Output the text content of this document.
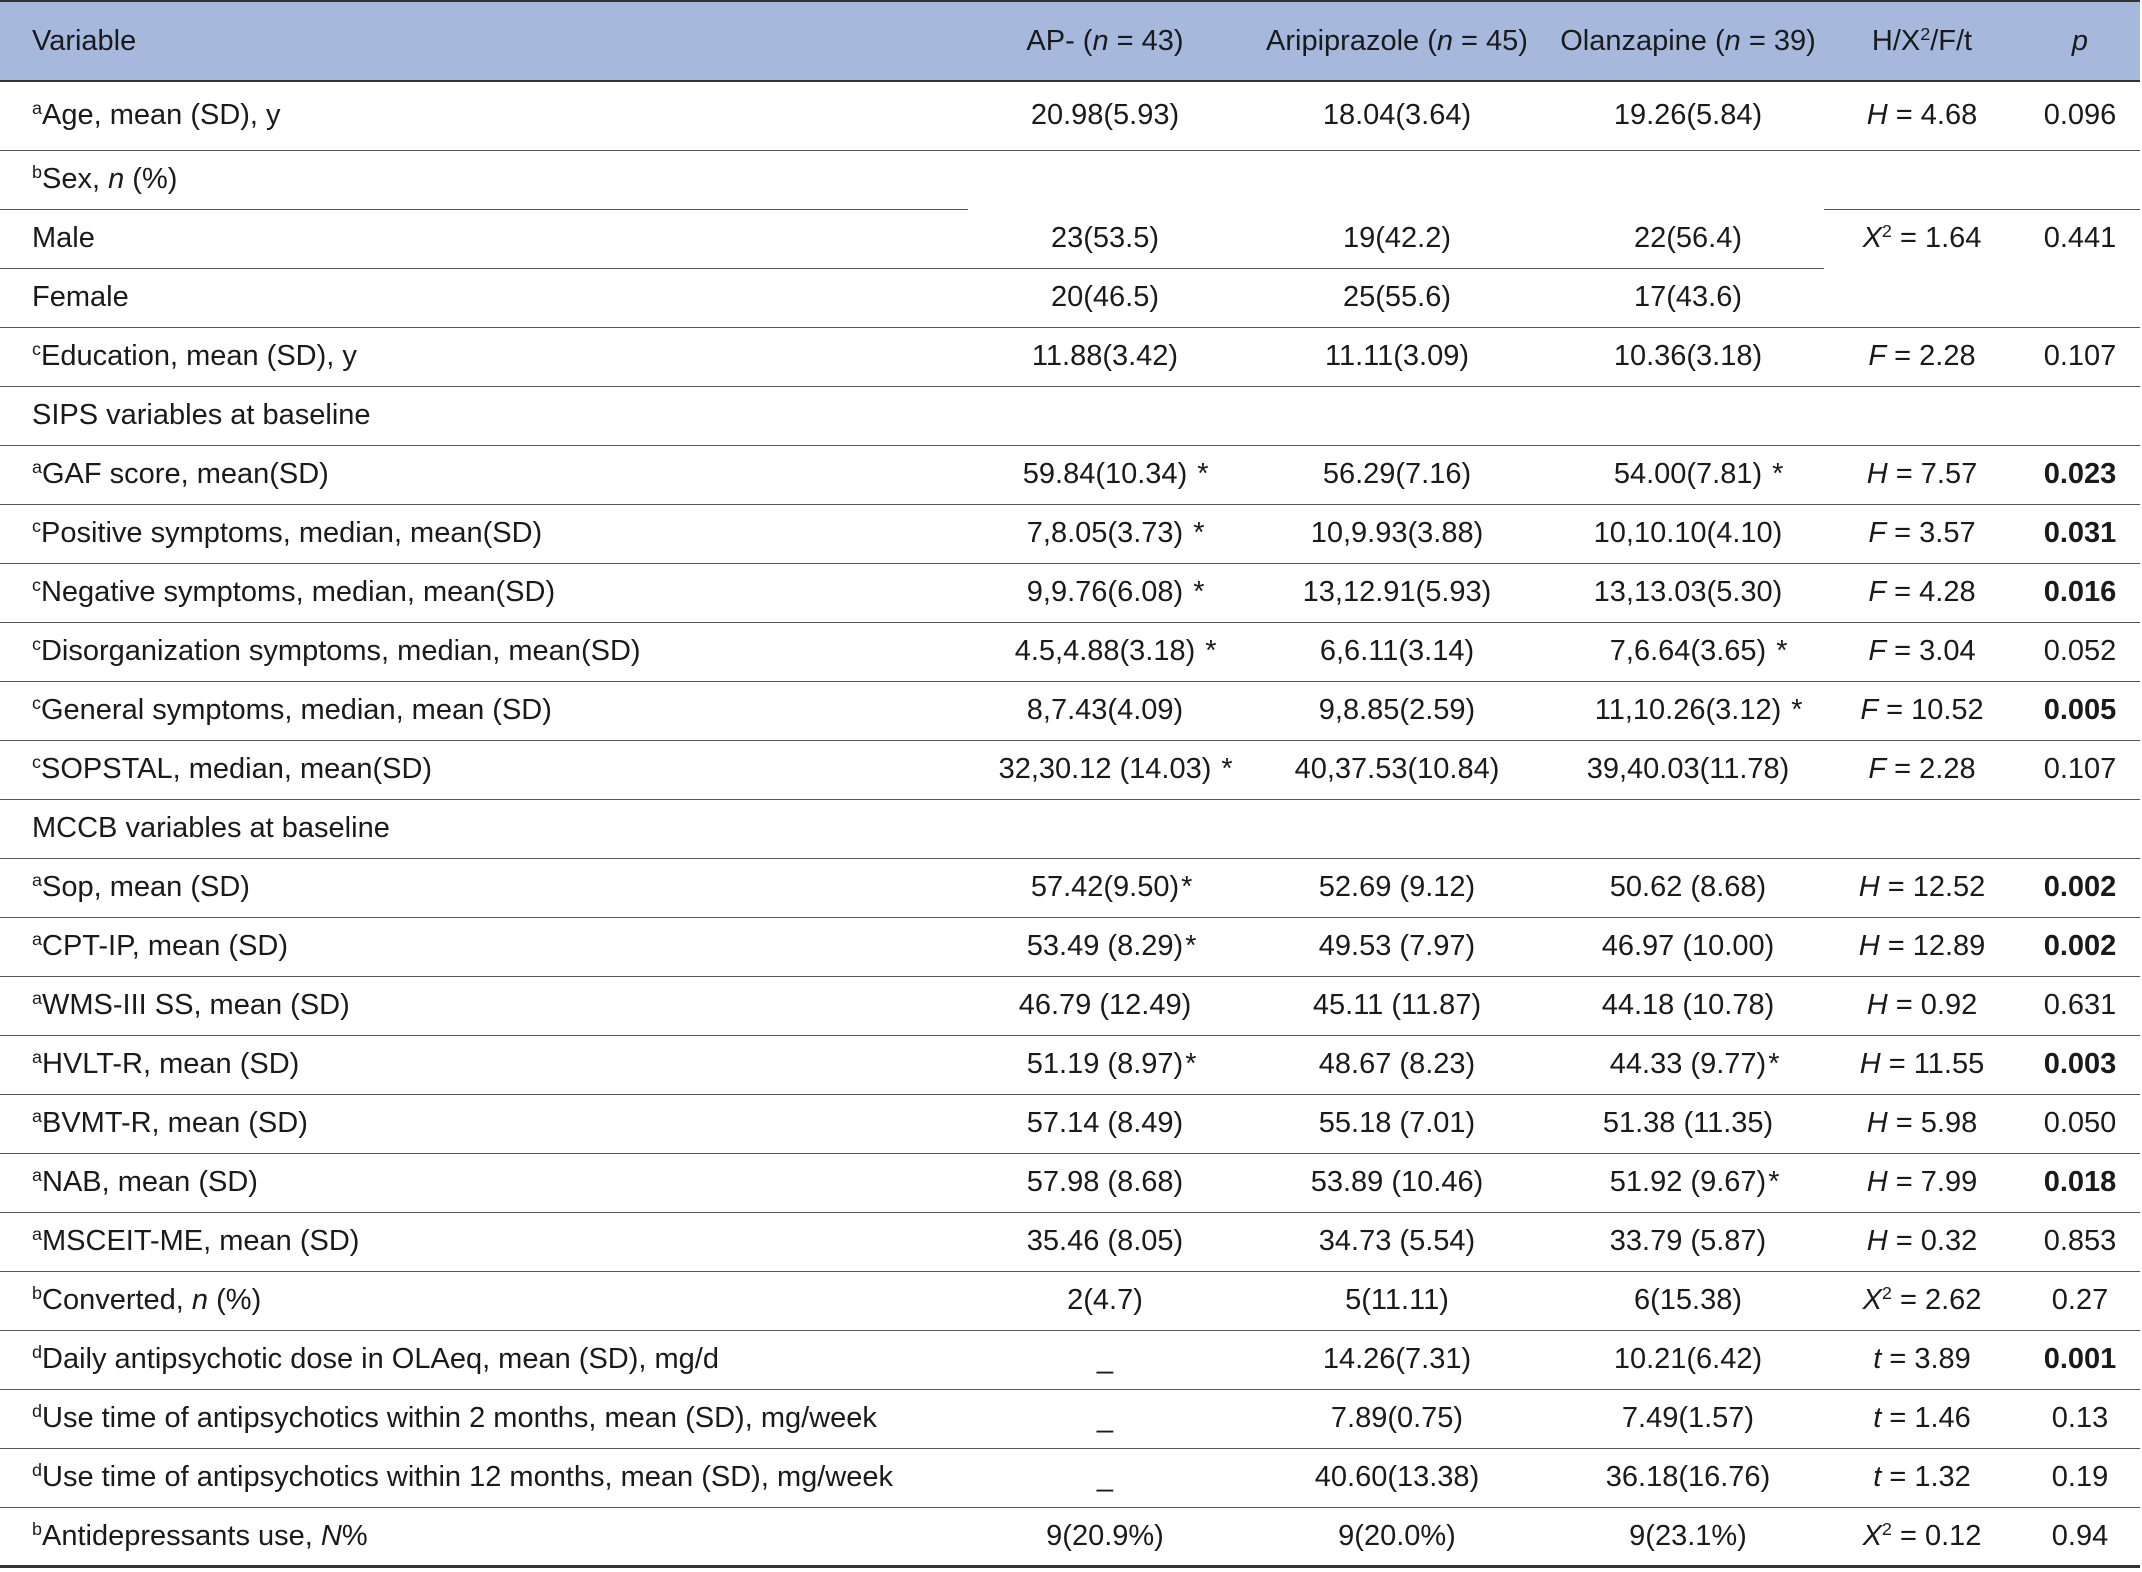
Variable	AP- (n = 43)	Aripiprazole (n = 45)	Olanzapine (n = 39)	$H/X^2/F/t$	p
$^a$Age, mean (SD), y	20.98(5.93)	18.04(3.64)	19.26(5.84)	H = 4.68	0.096
$^b$Sex, n (%)					
Male	23(53.5)	19(42.2)	22(56.4)	$X^2 = 1.64$	0.441
Female	20(46.5)	25(55.6)	17(43.6)		
$^c$Education, mean (SD), y	11.88(3.42)	11.11(3.09)	10.36(3.18)	F = 2.28	0.107
SIPS variables at baseline					
$^a$GAF score, mean(SD)	59.84(10.34) *	56.29(7.16)	54.00(7.81) *	H = 7.57	0.023
$^c$Positive symptoms, median, mean(SD)	7,8.05(3.73) *	10,9.93(3.88)	10,10.10(4.10)	F = 3.57	0.031
$^c$Negative symptoms, median, mean(SD)	9,9.76(6.08) *	13,12.91(5.93)	13,13.03(5.30)	F = 4.28	0.016
$^c$Disorganization symptoms, median, mean(SD)	4.5,4.88(3.18) *	6,6.11(3.14)	7,6.64(3.65) *	F = 3.04	0.052
$^c$General symptoms, median, mean (SD)	8,7.43(4.09)	9,8.85(2.59)	11,10.26(3.12) *	F = 10.52	0.005
$^c$SOPSTAL, median, mean(SD)	32,30.12 (14.03) *	40,37.53(10.84)	39,40.03(11.78)	F = 2.28	0.107
MCCB variables at baseline					
$^a$Sop, mean (SD)	57.42(9.50) *	52.69 (9.12)	50.62 (8.68)	H = 12.52	0.002
$^a$CPT-IP, mean (SD)	53.49 (8.29) *	49.53 (7.97)	46.97 (10.00)	H = 12.89	0.002
$^a$WMS-III SS, mean (SD)	46.79 (12.49)	45.11 (11.87)	44.18 (10.78)	H = 0.92	0.631
$^a$HVLT-R, mean (SD)	51.19 (8.97) *	48.67 (8.23)	44.33 (9.77) *	H = 11.55	0.003
$^a$BVMT-R, mean (SD)	57.14 (8.49)	55.18 (7.01)	51.38 (11.35)	H = 5.98	0.050
$^a$NAB, mean (SD)	57.98 (8.68)	53.89 (10.46)	51.92 (9.67) *	H = 7.99	0.018
$^a$MSCEIT-ME, mean (SD)	35.46 (8.05)	34.73 (5.54)	33.79 (5.87)	H = 0.32	0.853
$^b$Converted, n (%)	2(4.7)	5(11.11)	6(15.38)	$X^2 = 2.62$	0.27
$^d$Daily antipsychotic dose in OLAeq, mean (SD), mg/d	_	14.26(7.31)	10.21(6.42)	t = 3.89	0.001
$^d$Use time of antipsychotics within 2 months, mean (SD), mg/week	_	7.89(0.75)	7.49(1.57)	t = 1.46	0.13
$^d$Use time of antipsychotics within 12 months, mean (SD), mg/week	_	40.60(13.38)	36.18(16.76)	t = 1.32	0.19
$^b$Antidepressants use, N%	9(20.9%)	9(20.0%)	9(23.1%)	$X^2 = 0.12$	0.94
